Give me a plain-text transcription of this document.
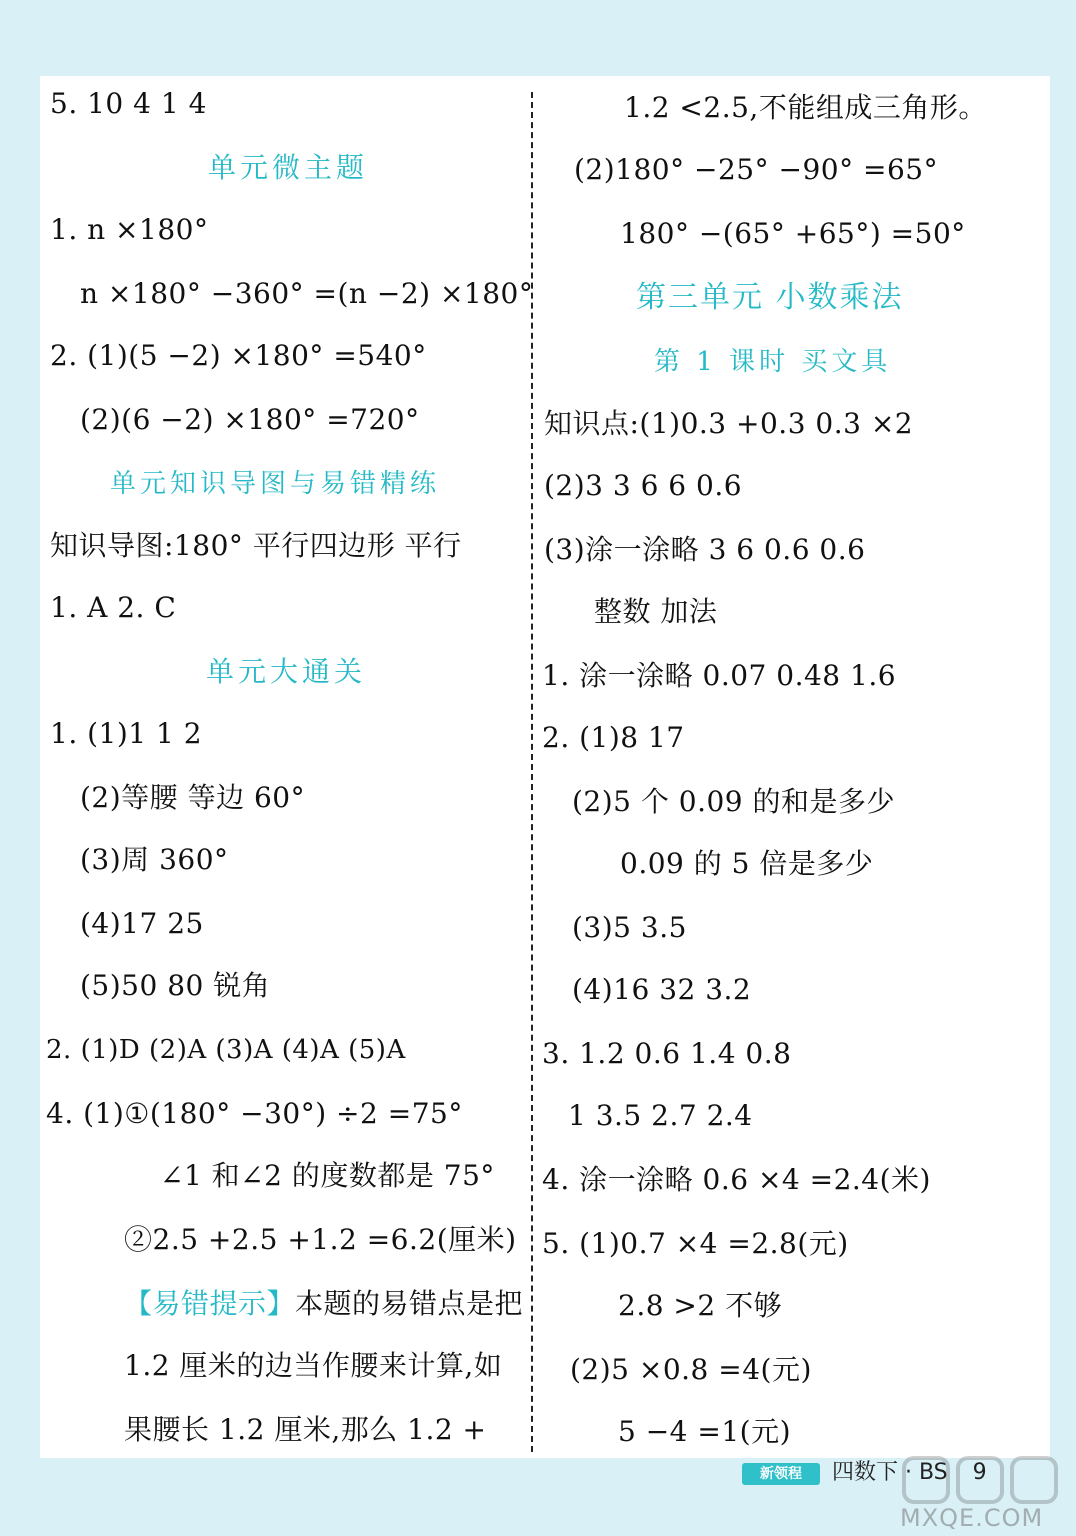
5. 10 4 1 4
单元微主题
1. n ×180°
n ×180° −360° =(n −2) ×180°
2. (1)(5 −2) ×180° =540°
(2)(6 −2) ×180° =720°
单元知识导图与易错精练
知识导图:180° 平行四边形 平行
1. A 2. C
单元大通关
1. (1)1 1 2
(2)等腰 等边 60°
(3)周 360°
(4)17 25
(5)50 80 锐角
2. (1)D (2)A (3)A (4)A (5)A
4. (1)①(180° −30°) ÷2 =75°
∠1 和∠2 的度数都是 75°
②2.5 +2.5 +1.2 =6.2(厘米)
【易错提示】本题的易错点是把
1.2 厘米的边当作腰来计算,如
果腰长 1.2 厘米,那么 1.2 +
1.2 <2.5,不能组成三角形。
(2)180° −25° −90° =65°
180° −(65° +65°) =50°
第三单元 小数乘法
第 1 课时 买文具
知识点:(1)0.3 +0.3 0.3 ×2
(2)3 3 6 6 0.6
(3)涂一涂略 3 6 0.6 0.6
整数 加法
1. 涂一涂略 0.07 0.48 1.6
2. (1)8 17
(2)5 个 0.09 的和是多少
0.09 的 5 倍是多少
(3)5 3.5
(4)16 32 3.2
3. 1.2 0.6 1.4 0.8
1 3.5 2.7 2.4
4. 涂一涂略 0.6 ×4 =2.4(米)
5. (1)0.7 ×4 =2.8(元)
2.8 >2 不够
(2)5 ×0.8 =4(元)
5 −4 =1(元)
新领程	四数下 · BS 9
MXQE.COM
